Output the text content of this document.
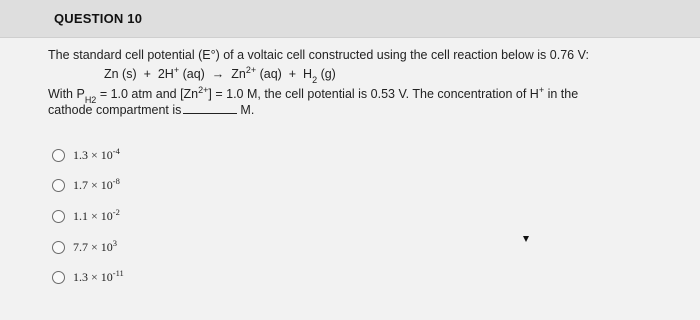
QUESTION 10
The standard cell potential (E°) of a voltaic cell constructed using the cell reaction below is 0.76 V:
Zn (s) + 2H+ $(aq) \to Zn^{2+}$ $(aq) + H_2$ (g)
With $P_{H2} = 1.0$ atm and $[Zn^{2+}] = 1.0$ M, the cell potential is 0.53 V. The concentration of H+ in the
cathode compartment is	M.
$1.3 \times 10^{-4}$
$1.7 \times 10^{-8}$
$1.1 \times 10^{-2}$
$7.7 \times 10^3$
$1.3 \times 10^{-11}$
